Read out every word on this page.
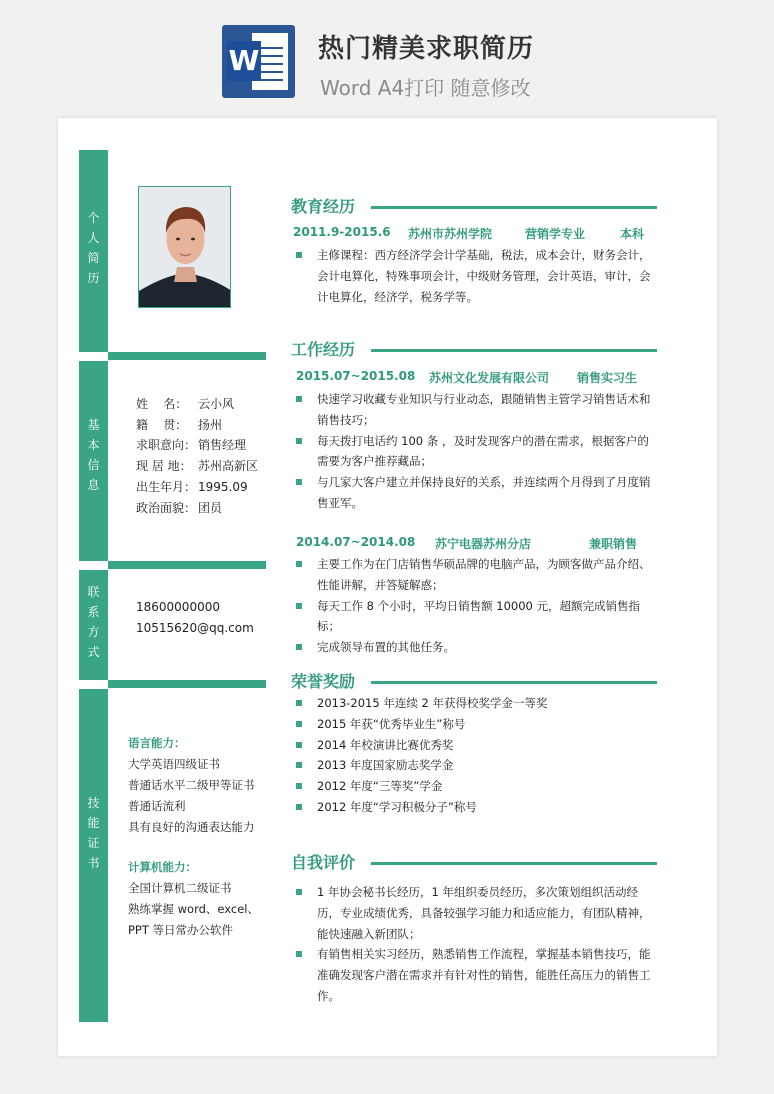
W 热门精美求职简历
Word A4打印 随意修改
个
人
简
历
基
本
信
息
联
系
方
式
技
能
证
书
姓    名： 云小风
籍    贯： 扬州
求职意向： 销售经理
现 居 地： 苏州高新区
出生年月： 1995.09
政治面貌： 团员
18600000000
10515620@qq.com
语言能力：
大学英语四级证书
普通话水平二级甲等证书
普通话流利
具有良好的沟通表达能力
计算机能力：
全国计算机二级证书
熟练掌握 word、excel、
PPT 等日常办公软件
教育经历
2011.9-2015.6 苏州市苏州学院	营销学专业	本科
主修课程：西方经济学会计学基础，税法，成本会计，财务会计，会计电算化，特殊事项会计，中级财务管理，会计英语，审计，会计电算化，经济学，税务学等。
工作经历
2015.07~2015.08 苏州文化发展有限公司 销售实习生
快速学习收藏专业知识与行业动态，跟随销售主管学习销售话术和销售技巧；
每天拨打电话约 100 条 ，及时发现客户的潜在需求，根据客户的需要为客户推荐藏品；
与几家大客户建立并保持良好的关系，并连续两个月得到了月度销售亚军。
2014.07~2014.08 苏宁电器苏州分店	兼职销售
主要工作为在门店销售华硕品牌的电脑产品，为顾客做产品介绍、性能讲解，并答疑解惑；
每天工作 8 个小时，平均日销售额 10000 元，超额完成销售指标；
完成领导布置的其他任务。
荣誉奖励
2013-2015 年连续 2 年获得校奖学金一等奖
2015 年获“优秀毕业生”称号
2014 年校演讲比赛优秀奖
2013 年度国家励志奖学金
2012 年度“三等奖”学金
2012 年度“学习积极分子”称号
自我评价
1 年协会秘书长经历，1 年组织委员经历，多次策划组织活动经历，专业成绩优秀，具备较强学习能力和适应能力，有团队精神，能快速融入新团队；
有销售相关实习经历，熟悉销售工作流程，掌握基本销售技巧，能准确发现客户潜在需求并有针对性的销售，能胜任高压力的销售工作。
